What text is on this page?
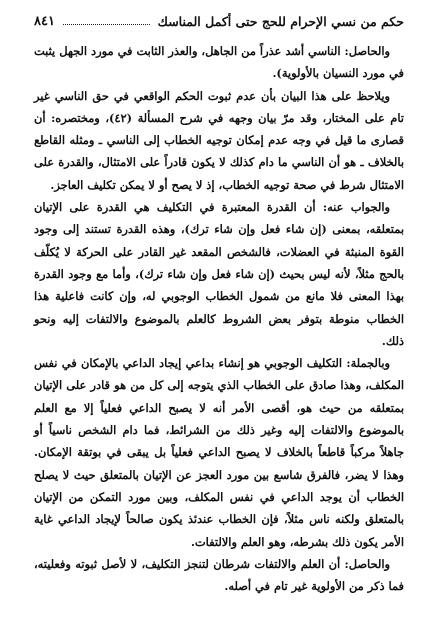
حكم من نسي الإحرام للحج حتى أكمل المناسك
٨٤١

والحاصل: الناسي أشد عذراً من الجاهل، والعذر الثابت في مورد الجهل يثبت في مورد النسيان بالأولوية).

ويلاحظ على هذا البيان بأن عدم ثبوت الحكم الواقعي في حق الناسي غير تام على المختار، وقد مرّ بيان وجهه في شرح المسألة (٤٢)، ومختصره: أن قصارى ما قيل في وجه عدم إمكان توجيه الخطاب إلى الناسي ـ ومثله القاطع بالخلاف ـ هو أن الناسي ما دام كذلك لا يكون قادراً على الامتثال، والقدرة على الامتثال شرط في صحة توجيه الخطاب، إذ لا يصح أو لا يمكن تكليف العاجز.

والجواب عنه: أن القدرة المعتبرة في التكليف هي القدرة على الإتيان بمتعلقه، بمعنى (إن شاء فعل وإن شاء ترك)، وهذه القدرة تستند إلى وجود القوة المنبثة في العضلات، فالشخص المقعد غير القادر على الحركة لا يُكلّف بالحج مثلاً، لأنه ليس بحيث (إن شاء فعل وإن شاء ترك)، وأما مع وجود القدرة بهذا المعنى فلا مانع من شمول الخطاب الوجوبي له، وإن كانت فاعلية هذا الخطاب منوطة بتوفر بعض الشروط كالعلم بالموضوع والالتفات إليه ونحو ذلك.

وبالجملة: التكليف الوجوبي هو إنشاء بداعي إيجاد الداعي بالإمكان في نفس المكلف، وهذا صادق على الخطاب الذي يتوجه إلى كل من هو قادر على الإتيان بمتعلقه من حيث هو، أقصى الأمر أنه لا يصبح الداعي فعلياً إلا مع العلم بالموضوع والالتفات إليه وغير ذلك من الشرائط، فما دام الشخص ناسياً أو جاهلاً مركباً قاطعاً بالخلاف لا يصبح الداعي فعلياً بل يبقى في بوتقة الإمكان. وهذا لا يضر، فالفرق شاسع بين مورد العجز عن الإتيان بالمتعلق حيث لا يصلح الخطاب أن يوجد الداعي في نفس المكلف، وبين مورد التمكن من الإتيان بالمتعلق ولكنه ناس مثلاً، فإن الخطاب عندئذ يكون صالحاً لإيجاد الداعي غاية الأمر يكون ذلك بشرطه، وهو العلم والالتفات.

والحاصل: أن العلم والالتفات شرطان لتنجز التكليف، لا لأصل ثبوته وفعليته، فما ذكر من الأولوية غير تام في أصله.
